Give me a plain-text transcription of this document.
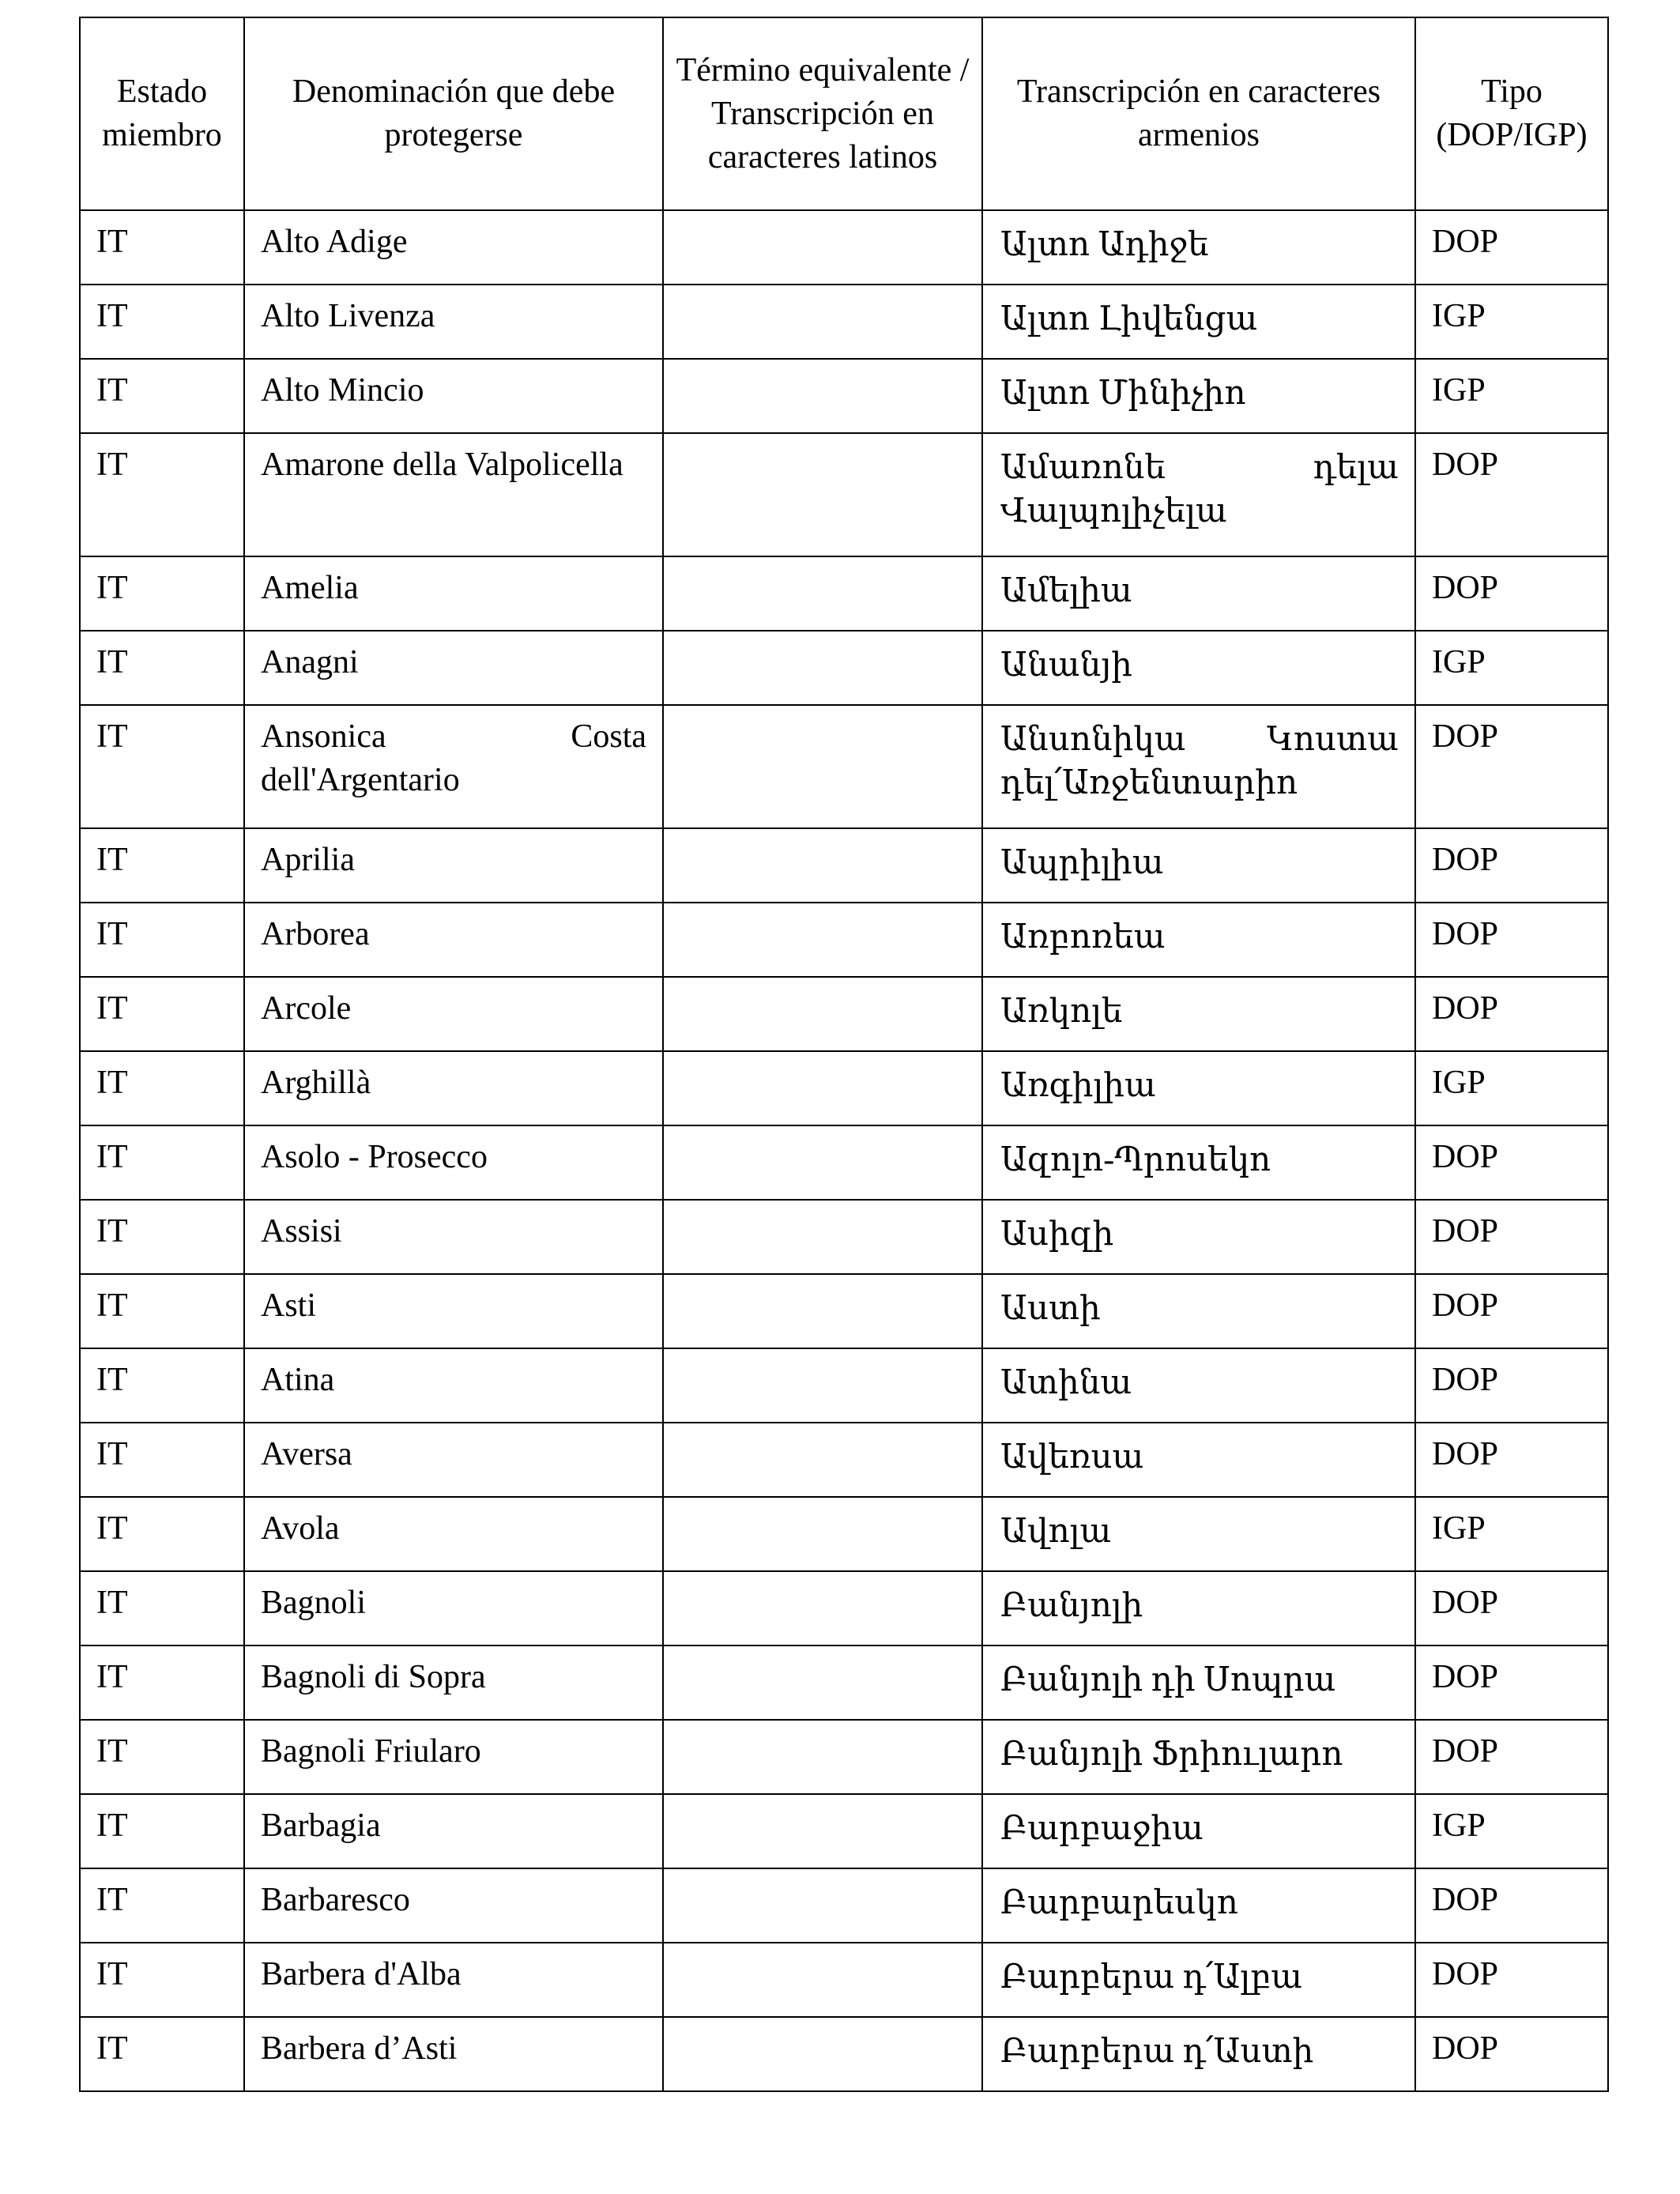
Estado miembro	Denominación que debe protegerse	Término equivalente / Transcripción en caracteres latinos	Transcripción en caracteres armenios	Tipo (DOP/IGP)
IT	Alto Adige		Ալտո Ադիջե	DOP
IT	Alto Livenza		Ալտո Լիվենցա	IGP
IT	Alto Mincio		Ալտո Մինիչիո	IGP
IT	Amarone della Valpolicella		Ամառոնե դելա Վալպոլիչելա	DOP
IT	Amelia		Ամելիա	DOP
IT	Anagni		Անանյի	IGP
IT	Ansonica Costa dell'Argentario		Անսոնիկա Կոստա դել՛Առջենտարիո	DOP
IT	Aprilia		Ապրիլիա	DOP
IT	Arborea		Առբոռեա	DOP
IT	Arcole		Առկոլե	DOP
IT	Arghillà		Առգիլիա	IGP
IT	Asolo - Prosecco		Ազոլո-Պրոսեկո	DOP
IT	Assisi		Ասիզի	DOP
IT	Asti		Աստի	DOP
IT	Atina		Ատինա	DOP
IT	Aversa		Ավեռսա	DOP
IT	Avola		Ավոլա	IGP
IT	Bagnoli		Բանյոլի	DOP
IT	Bagnoli di Sopra		Բանյոլի դի Սոպրա	DOP
IT	Bagnoli Friularo		Բանյոլի Ֆրիուլարո	DOP
IT	Barbagia		Բարբաջիա	IGP
IT	Barbaresco		Բարբարեսկո	DOP
IT	Barbera d'Alba		Բարբերա դ՛Ալբա	DOP
IT	Barbera d’Asti		Բարբերա դ՛Աստի	DOP
